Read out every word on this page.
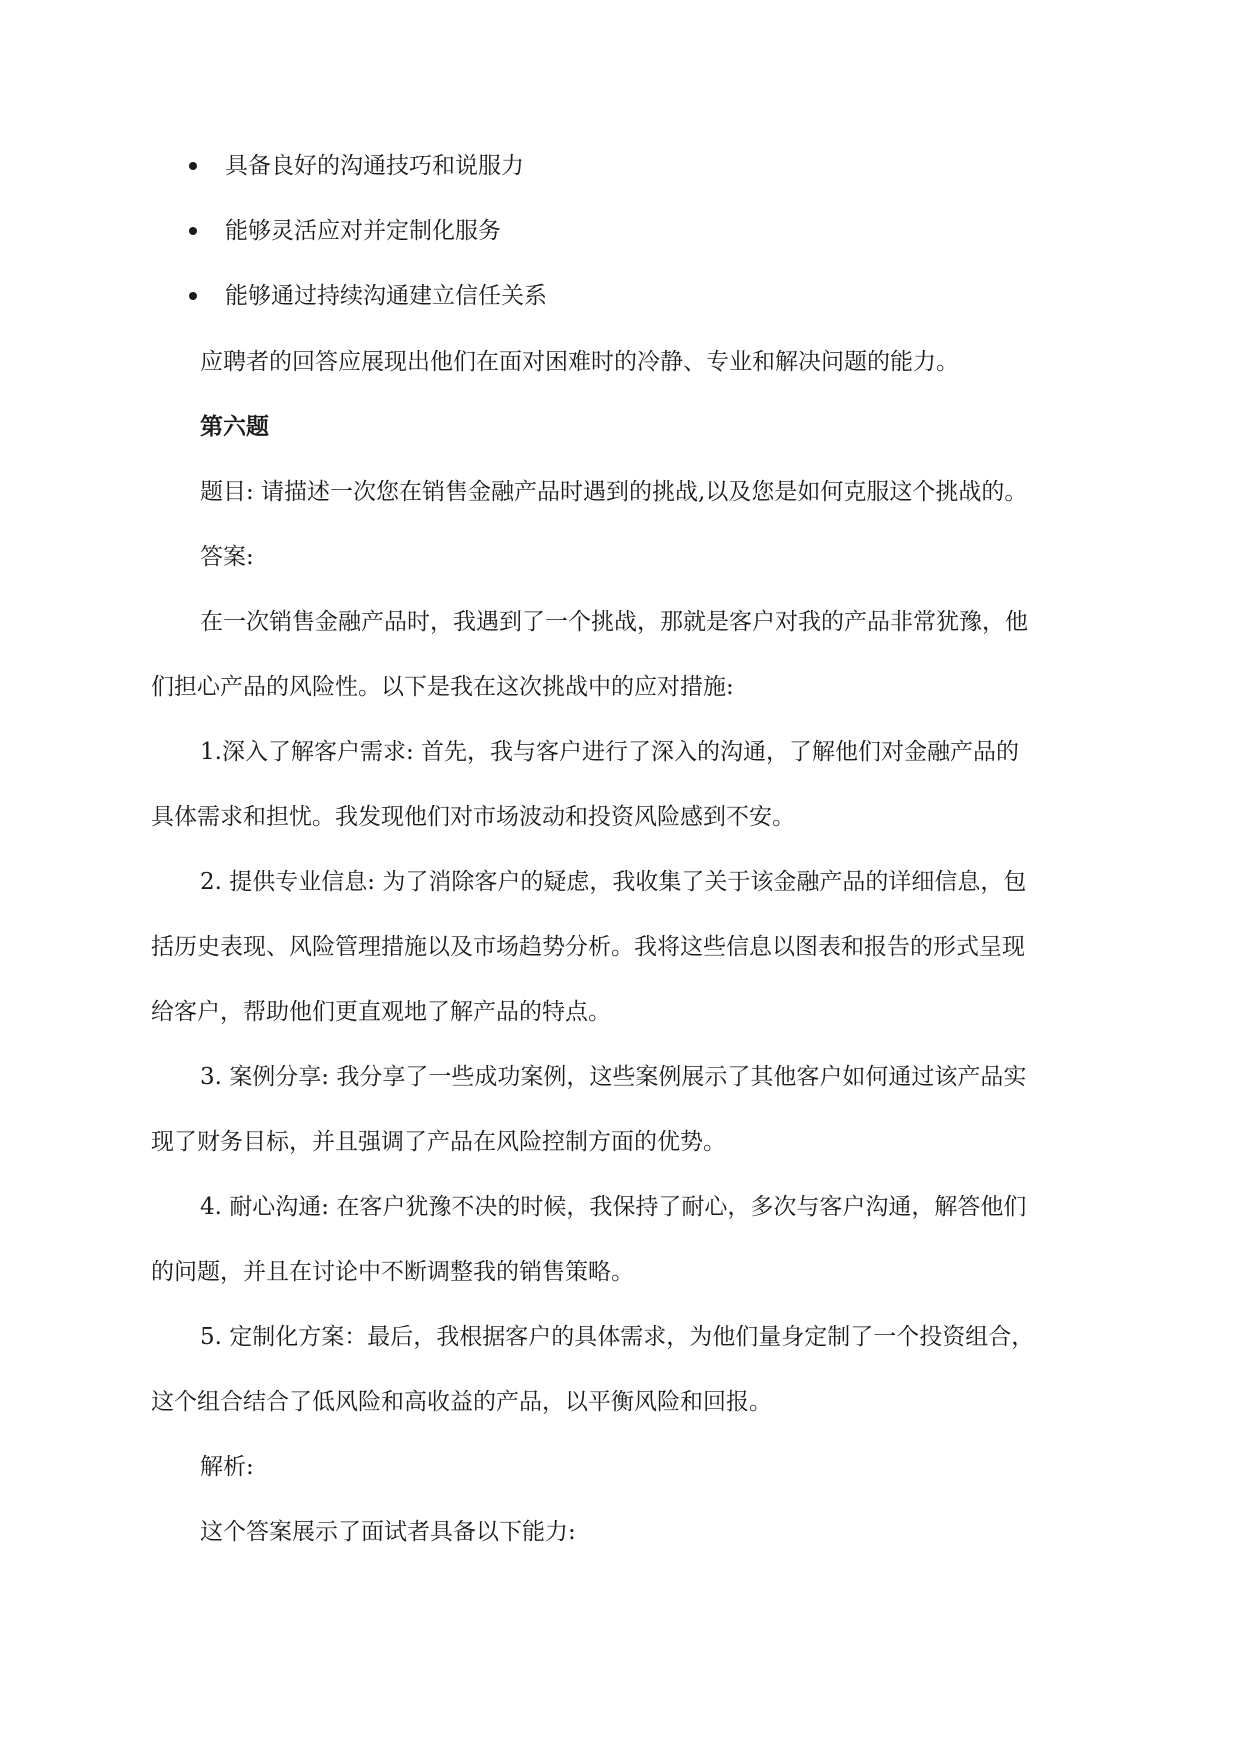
具备良好的沟通技巧和说服力
能够灵活应对并定制化服务
能够通过持续沟通建立信任关系
应聘者的回答应展现出他们在面对困难时的冷静、专业和解决问题的能力。
第六题
题目: 请描述一次您在销售金融产品时遇到的挑战,以及您是如何克服这个挑战的。
答案:
在一次销售金融产品时，我遇到了一个挑战，那就是客户对我的产品非常犹豫，他
们担心产品的风险性。以下是我在这次挑战中的应对措施:
1.深入了解客户需求: 首先，我与客户进行了深入的沟通，了解他们对金融产品的
具体需求和担忧。我发现他们对市场波动和投资风险感到不安。
2. 提供专业信息: 为了消除客户的疑虑，我收集了关于该金融产品的详细信息，包
括历史表现、风险管理措施以及市场趋势分析。我将这些信息以图表和报告的形式呈现
给客户，帮助他们更直观地了解产品的特点。
3. 案例分享: 我分享了一些成功案例，这些案例展示了其他客户如何通过该产品实
现了财务目标，并且强调了产品在风险控制方面的优势。
4. 耐心沟通: 在客户犹豫不决的时候，我保持了耐心，多次与客户沟通，解答他们
的问题，并且在讨论中不断调整我的销售策略。
5. 定制化方案：最后，我根据客户的具体需求，为他们量身定制了一个投资组合，
这个组合结合了低风险和高收益的产品，以平衡风险和回报。
解析:
这个答案展示了面试者具备以下能力:
